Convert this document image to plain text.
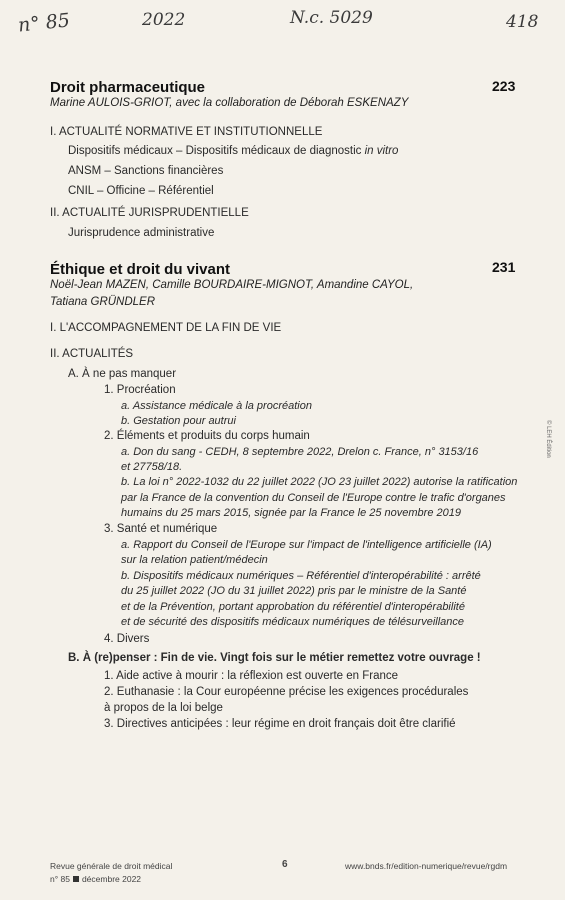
n° 85	2022	N.c. 5029	418
Droit pharmaceutique	223
Marine AULOIS-GRIOT, avec la collaboration de Déborah ESKENAZY
I. ACTUALITÉ NORMATIVE ET INSTITUTIONNELLE
Dispositifs médicaux – Dispositifs médicaux de diagnostic in vitro
ANSM – Sanctions financières
CNIL – Officine – Référentiel
II. ACTUALITÉ JURISPRUDENTIELLE
Jurisprudence administrative
Éthique et droit du vivant	231
Noël-Jean MAZEN, Camille BOURDAIRE-MIGNOT, Amandine CAYOL,
Tatiana GRÜNDLER
I. L'ACCOMPAGNEMENT DE LA FIN DE VIE
II. ACTUALITÉS
A. À ne pas manquer
1. Procréation
a. Assistance médicale à la procréation
b. Gestation pour autrui
2. Éléments et produits du corps humain
a. Don du sang - CEDH, 8 septembre 2022, Drelon c. France, n° 3153/16
et 27758/18.
b. La loi n° 2022-1032 du 22 juillet 2022 (JO 23 juillet 2022) autorise la ratification
par la France de la convention du Conseil de l'Europe contre le trafic d'organes
humains du 25 mars 2015, signée par la France le 25 novembre 2019
3. Santé et numérique
a. Rapport du Conseil de l'Europe sur l'impact de l'intelligence artificielle (IA)
sur la relation patient/médecin
b. Dispositifs médicaux numériques – Référentiel d'interopérabilité : arrêté
du 25 juillet 2022 (JO du 31 juillet 2022) pris par le ministre de la Santé
et de la Prévention, portant approbation du référentiel d'interopérabilité
et de sécurité des dispositifs médicaux numériques de télésurveillance
4. Divers
B. À (re)penser : Fin de vie. Vingt fois sur le métier remettez votre ouvrage !
1. Aide active à mourir : la réflexion est ouverte en France
2. Euthanasie : la Cour européenne précise les exigences procédurales
à propos de la loi belge
3. Directives anticipées : leur régime en droit français doit être clarifié
© LEH Édition
Revue générale de droit médical	6	www.bnds.fr/edition-numerique/revue/rgdm
n° 85 décembre 2022
